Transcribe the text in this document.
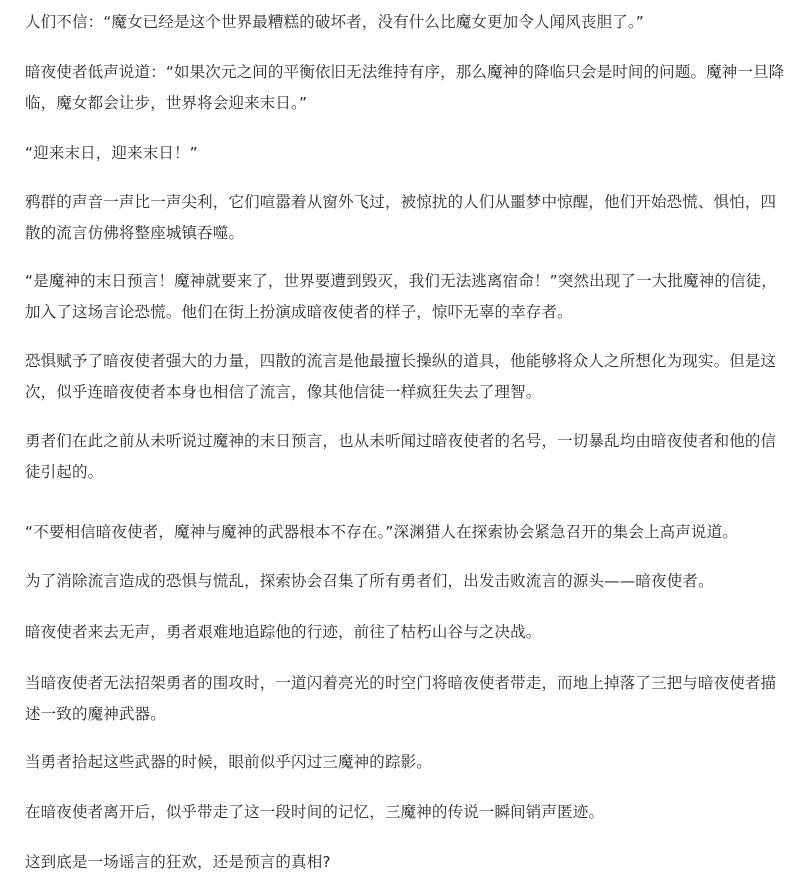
人们不信：“魔女已经是这个世界最糟糕的破坏者，没有什么比魔女更加令人闻风丧胆了。”

暗夜使者低声说道：“如果次元之间的平衡依旧无法维持有序，那么魔神的降临只会是时间的问题。魔神一旦降临，魔女都会让步，世界将会迎来末日。”

“迎来末日，迎来末日！”

鸦群的声音一声比一声尖利，它们喧嚣着从窗外飞过，被惊扰的人们从噩梦中惊醒，他们开始恐慌、惧怕，四散的流言仿佛将整座城镇吞噬。

“是魔神的末日预言！魔神就要来了，世界要遭到毁灭，我们无法逃离宿命！”突然出现了一大批魔神的信徒，加入了这场言论恐慌。他们在街上扮演成暗夜使者的样子，惊吓无辜的幸存者。

恐惧赋予了暗夜使者强大的力量，四散的流言是他最擅长操纵的道具，他能够将众人之所想化为现实。但是这次，似乎连暗夜使者本身也相信了流言，像其他信徒一样疯狂失去了理智。

勇者们在此之前从未听说过魔神的末日预言，也从未听闻过暗夜使者的名号，一切暴乱均由暗夜使者和他的信徒引起的。

“不要相信暗夜使者，魔神与魔神的武器根本不存在。”深渊猎人在探索协会紧急召开的集会上高声说道。

为了消除流言造成的恐惧与慌乱，探索协会召集了所有勇者们，出发击败流言的源头——暗夜使者。

暗夜使者来去无声，勇者艰难地追踪他的行迹，前往了枯朽山谷与之决战。

当暗夜使者无法招架勇者的围攻时，一道闪着亮光的时空门将暗夜使者带走，而地上掉落了三把与暗夜使者描述一致的魔神武器。

当勇者拾起这些武器的时候，眼前似乎闪过三魔神的踪影。

在暗夜使者离开后，似乎带走了这一段时间的记忆，三魔神的传说一瞬间销声匿迹。

这到底是一场谣言的狂欢，还是预言的真相?
